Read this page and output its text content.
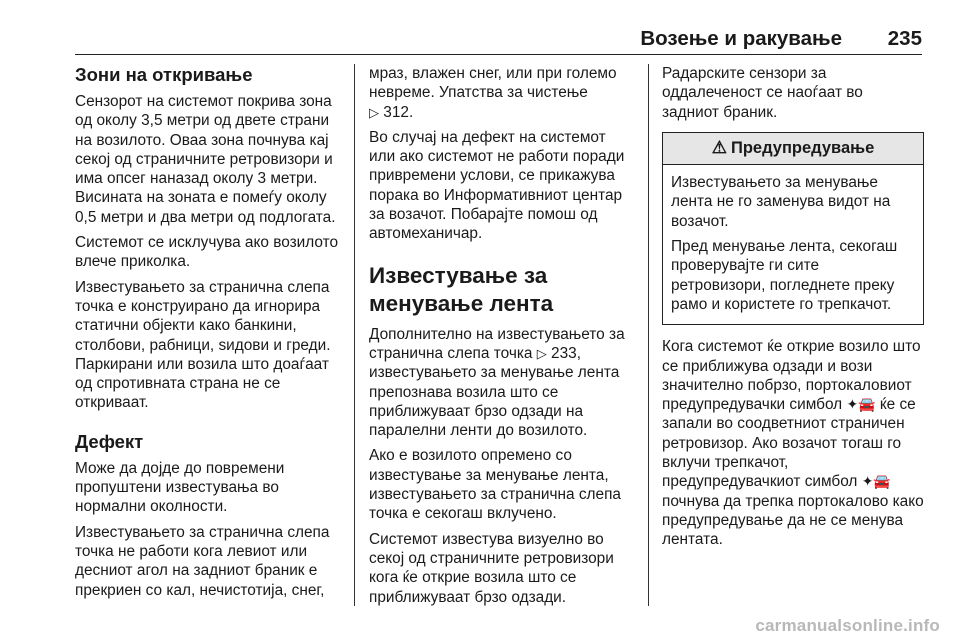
Возење и ракување 235
Зони на откривање

Сензорот на системот покрива зона од околу 3,5 метри од двете страни на возилото. Оваа зона почнува кај секој од страничните ретровизори и има опсег наназад околу 3 метри. Висината на зоната е помеѓу околу 0,5 метри и два метри од подлогата.

Системот се исклучува ако возилото влече приколка.

Известувањето за странична слепа точка е конструирано да игнорира статични објекти како банкини, столбови, рабници, ѕидови и греди. Паркирани или возила што доаѓаат од спротивната страна не се откриваат.

Дефект

Може да дојде до повремени пропуштени известувања во нормални околности.

Известувањето за странична слепа точка не работи кога левиот или десниот агол на задниот браник е прекриен со кал, нечистотија, снег,

мраз, влажен снег, или при големо невреме. Упатства за чистење
▷ 312.

Во случај на дефект на системот или ако системот не работи поради привремени услови, се прикажува порака во Информативниот центар за возачот. Побарајте помош од автомеханичар.

Известување за менување лента

Дополнително на известувањето за странична слепа точка ▷ 233, известувањето за менување лента препознава возила што се приближуваат брзо одзади на паралелни ленти до возилото.

Ако е возилото опремено со известување за менување лента, известувањето за странична слепа точка е секогаш вклучено.

Системот известува визуелно во секој од страничните ретровизори кога ќе открие возила што се приближуваат брзо одзади.

Радарските сензори за оддалеченост се наоѓаат во задниот браник.

⚠ Предупредување

Известувањето за менување лента не го заменува видот на возачот.

Пред менување лента, секогаш проверувајте ги сите ретровизори, погледнете преку рамо и користете го трепкачот.

Кога системот ќе открие возило што се приближува одзади и вози значително побрзо, портокаловиот предупредувачки симбол ✦🚘 ќе се запали во соодветниот страничен ретровизор. Ако возачот тогаш го вклучи трепкачот, предупредувачкиот симбол ✦🚘 почнува да трепка портокалово како предупредување да не се менува лентата.

carmanualsonline.info
